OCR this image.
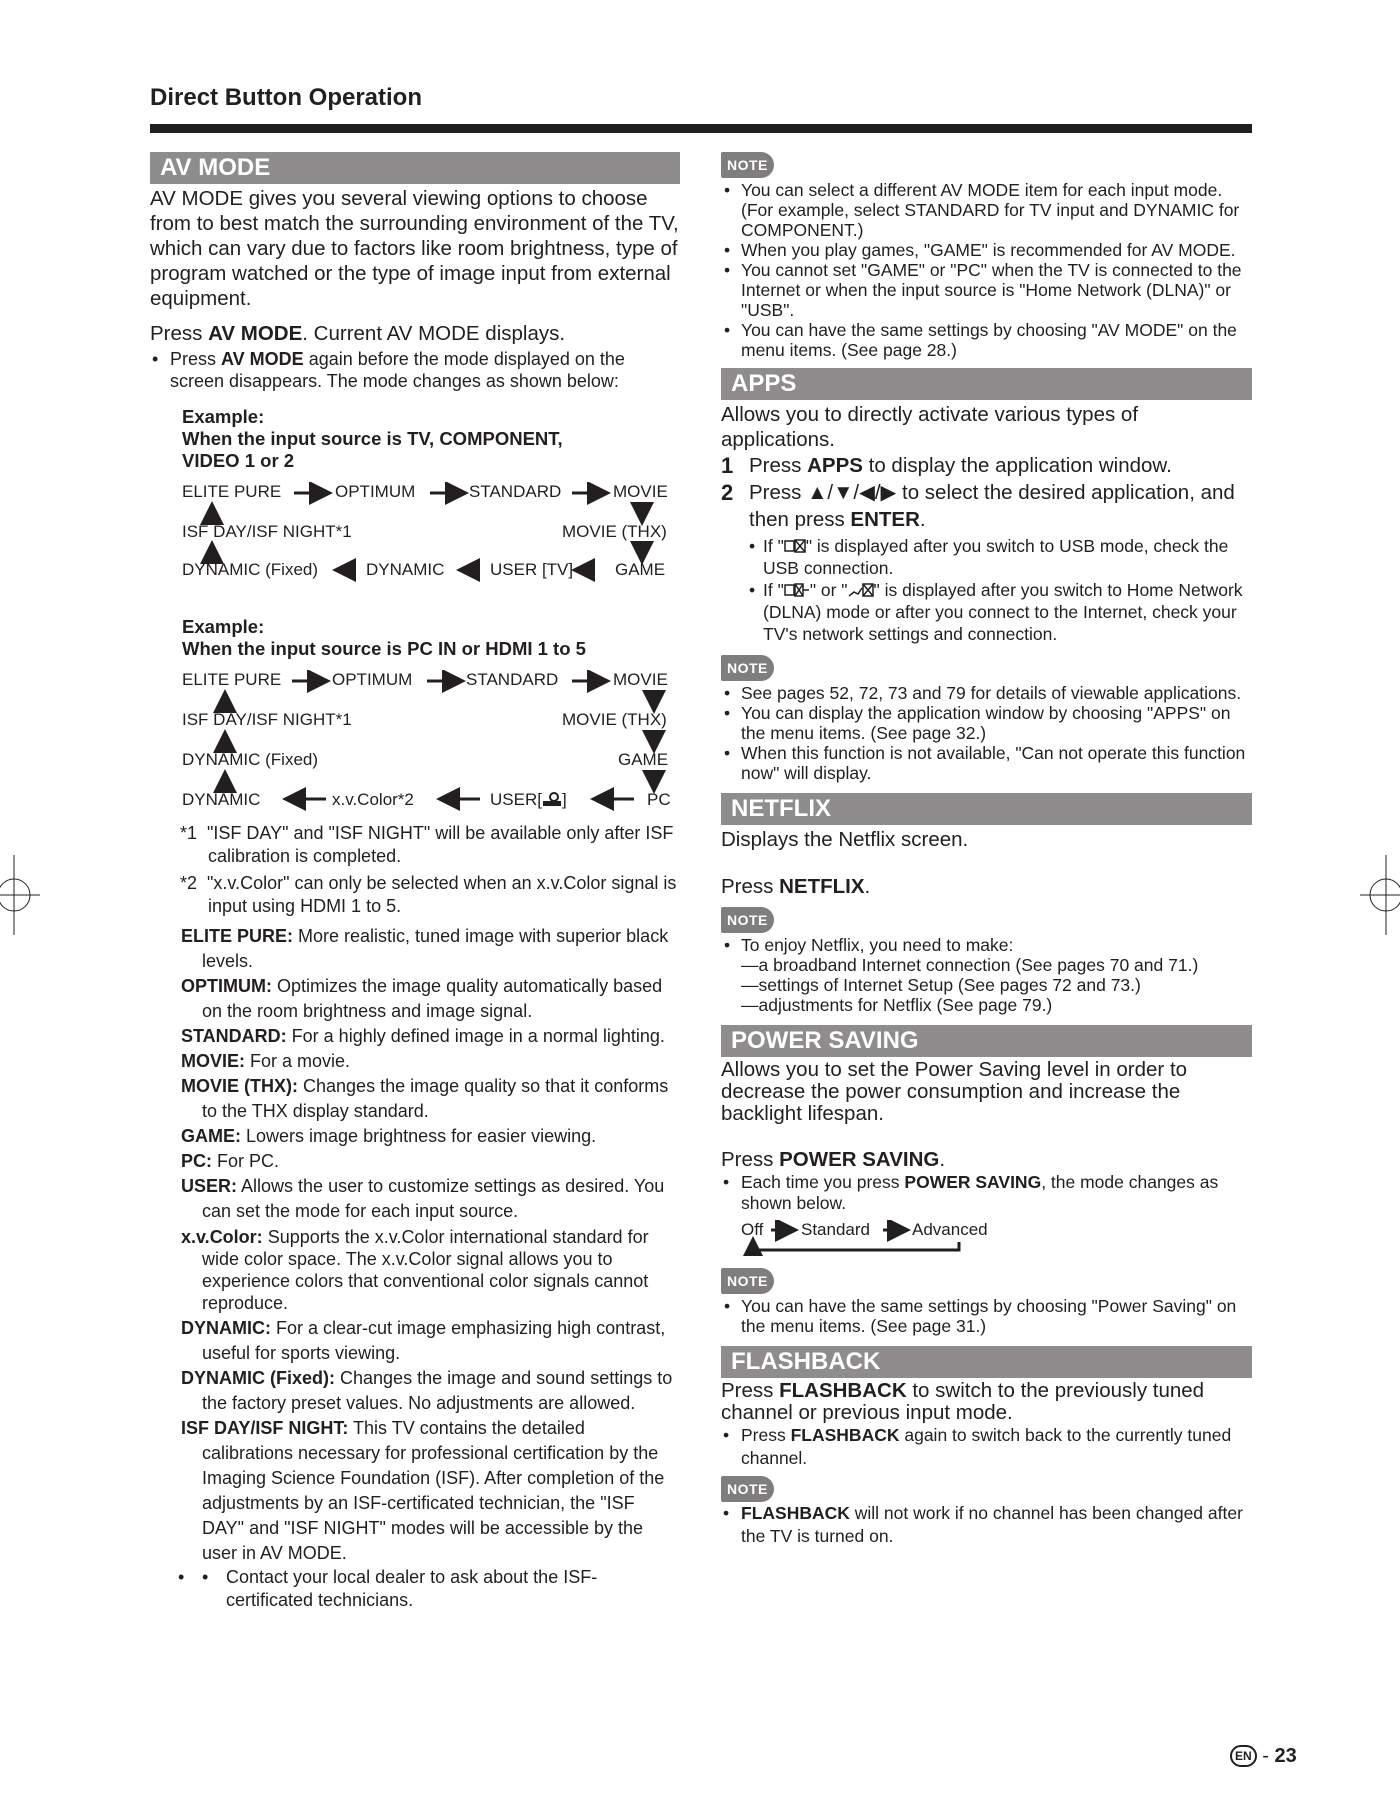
Direct Button Operation
AV MODE

AV MODE gives you several viewing options to choose from to best match the surrounding environment of the TV, which can vary due to factors like room brightness, type of program watched or the type of image input from external equipment.

Press AV MODE. Current AV MODE displays.

• Press AV MODE again before the mode displayed on the screen disappears. The mode changes as shown below:
Example:
When the input source is TV, COMPONENT, VIDEO 1 or 2
ELITE PURE	OPTIMUM	STANDARD	MOVIE
ISF DAY/ISF NIGHT*1	MOVIE (THX)
DYNAMIC (Fixed)	DYNAMIC	USER [TV] GAME
Example:
When the input source is PC IN or HDMI 1 to 5
ELITE PURE	OPTIMUM	STANDARD	MOVIE
ISF DAY/ISF NIGHT*1	MOVIE (THX)
DYNAMIC (Fixed)	GAME
DYNAMIC	x.v.Color*2	USER[ ]	PC
*1 "ISF DAY" and "ISF NIGHT" will be available only after ISF calibration is completed.
*2 "x.v.Color" can only be selected when an x.v.Color signal is input using HDMI 1 to 5.
ELITE PURE: More realistic, tuned image with superior black levels.
OPTIMUM: Optimizes the image quality automatically based on the room brightness and image signal.
STANDARD: For a highly defined image in a normal lighting.
MOVIE: For a movie.
MOVIE (THX): Changes the image quality so that it conforms to the THX display standard.
GAME: Lowers image brightness for easier viewing.
PC: For PC.
USER: Allows the user to customize settings as desired. You can set the mode for each input source.
x.v.Color: Supports the x.v.Color international standard for wide color space. The x.v.Color signal allows you to experience colors that conventional color signals cannot reproduce.
DYNAMIC: For a clear-cut image emphasizing high contrast, useful for sports viewing.
DYNAMIC (Fixed): Changes the image and sound settings to the factory preset values. No adjustments are allowed.
ISF DAY/ISF NIGHT: This TV contains the detailed calibrations necessary for professional certification by the Imaging Science Foundation (ISF). After completion of the adjustments by an ISF-certificated technician, the "ISF DAY" and "ISF NIGHT" modes will be accessible by the user in AV MODE.
• • Contact your local dealer to ask about the ISF-certificated technicians.
NOTE
• You can select a different AV MODE item for each input mode. (For example, select STANDARD for TV input and DYNAMIC for COMPONENT.)
• When you play games, "GAME" is recommended for AV MODE.
• You cannot set "GAME" or "PC" when the TV is connected to the Internet or when the input source is "Home Network (DLNA)" or "USB".
• You can have the same settings by choosing "AV MODE" on the menu items. (See page 28.)
APPS

Allows you to directly activate various types of applications.

1 Press APPS to display the application window.
2 Press ▲/▼/◀/▶ to select the desired application, and then press ENTER.
• If " " is displayed after you switch to USB mode, check the USB connection.
• If " " or " " is displayed after you switch to Home Network (DLNA) mode or after you connect to the Internet, check your TV's network settings and connection.
NOTE
• See pages 52, 72, 73 and 79 for details of viewable applications.
• You can display the application window by choosing "APPS" on the menu items. (See page 32.)
• When this function is not available, "Can not operate this function now" will display.
NETFLIX

Displays the Netflix screen.

Press NETFLIX.

NOTE
• To enjoy Netflix, you need to make:
—a broadband Internet connection (See pages 70 and 71.)
—settings of Internet Setup (See pages 72 and 73.)
—adjustments for Netflix (See page 79.)
POWER SAVING

Allows you to set the Power Saving level in order to decrease the power consumption and increase the backlight lifespan.

Press POWER SAVING.

• Each time you press POWER SAVING, the mode changes as shown below.
Off Standard Advanced
NOTE
• You can have the same settings by choosing "Power Saving" on the menu items. (See page 31.)
FLASHBACK

Press FLASHBACK to switch to the previously tuned channel or previous input mode.

• Press FLASHBACK again to switch back to the currently tuned channel.
NOTE
• FLASHBACK will not work if no channel has been changed after the TV is turned on.
EN - 23
